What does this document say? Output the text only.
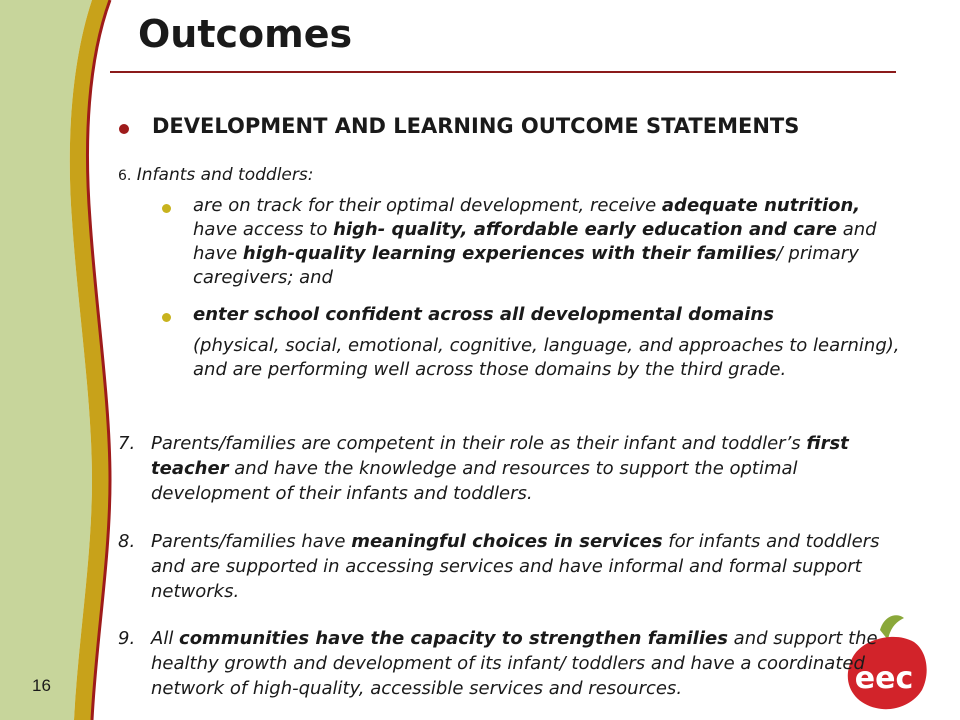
eec
Outcomes
DEVELOPMENT AND LEARNING OUTCOME STATEMENTS
6. Infants and toddlers:
are on track for their optimal development, receive adequate nutrition, have access to high- quality, affordable early education and care and have high-quality learning experiences with their families/ primary caregivers; and
enter school confident across all developmental domains
(physical, social, emotional, cognitive, language, and approaches to learning), and are performing well across those domains by the third grade.
7. Parents/families are competent in their role as their infant and toddler’s first teacher and have the knowledge and resources to support the optimal development of their infants and toddlers.
8. Parents/families have meaningful choices in services for infants and toddlers and are supported in accessing services and have informal and formal support networks.
9. All communities have the capacity to strengthen families and support the healthy growth and development of its infant/ toddlers and have a coordinated network of high-quality, accessible services and resources.
16
